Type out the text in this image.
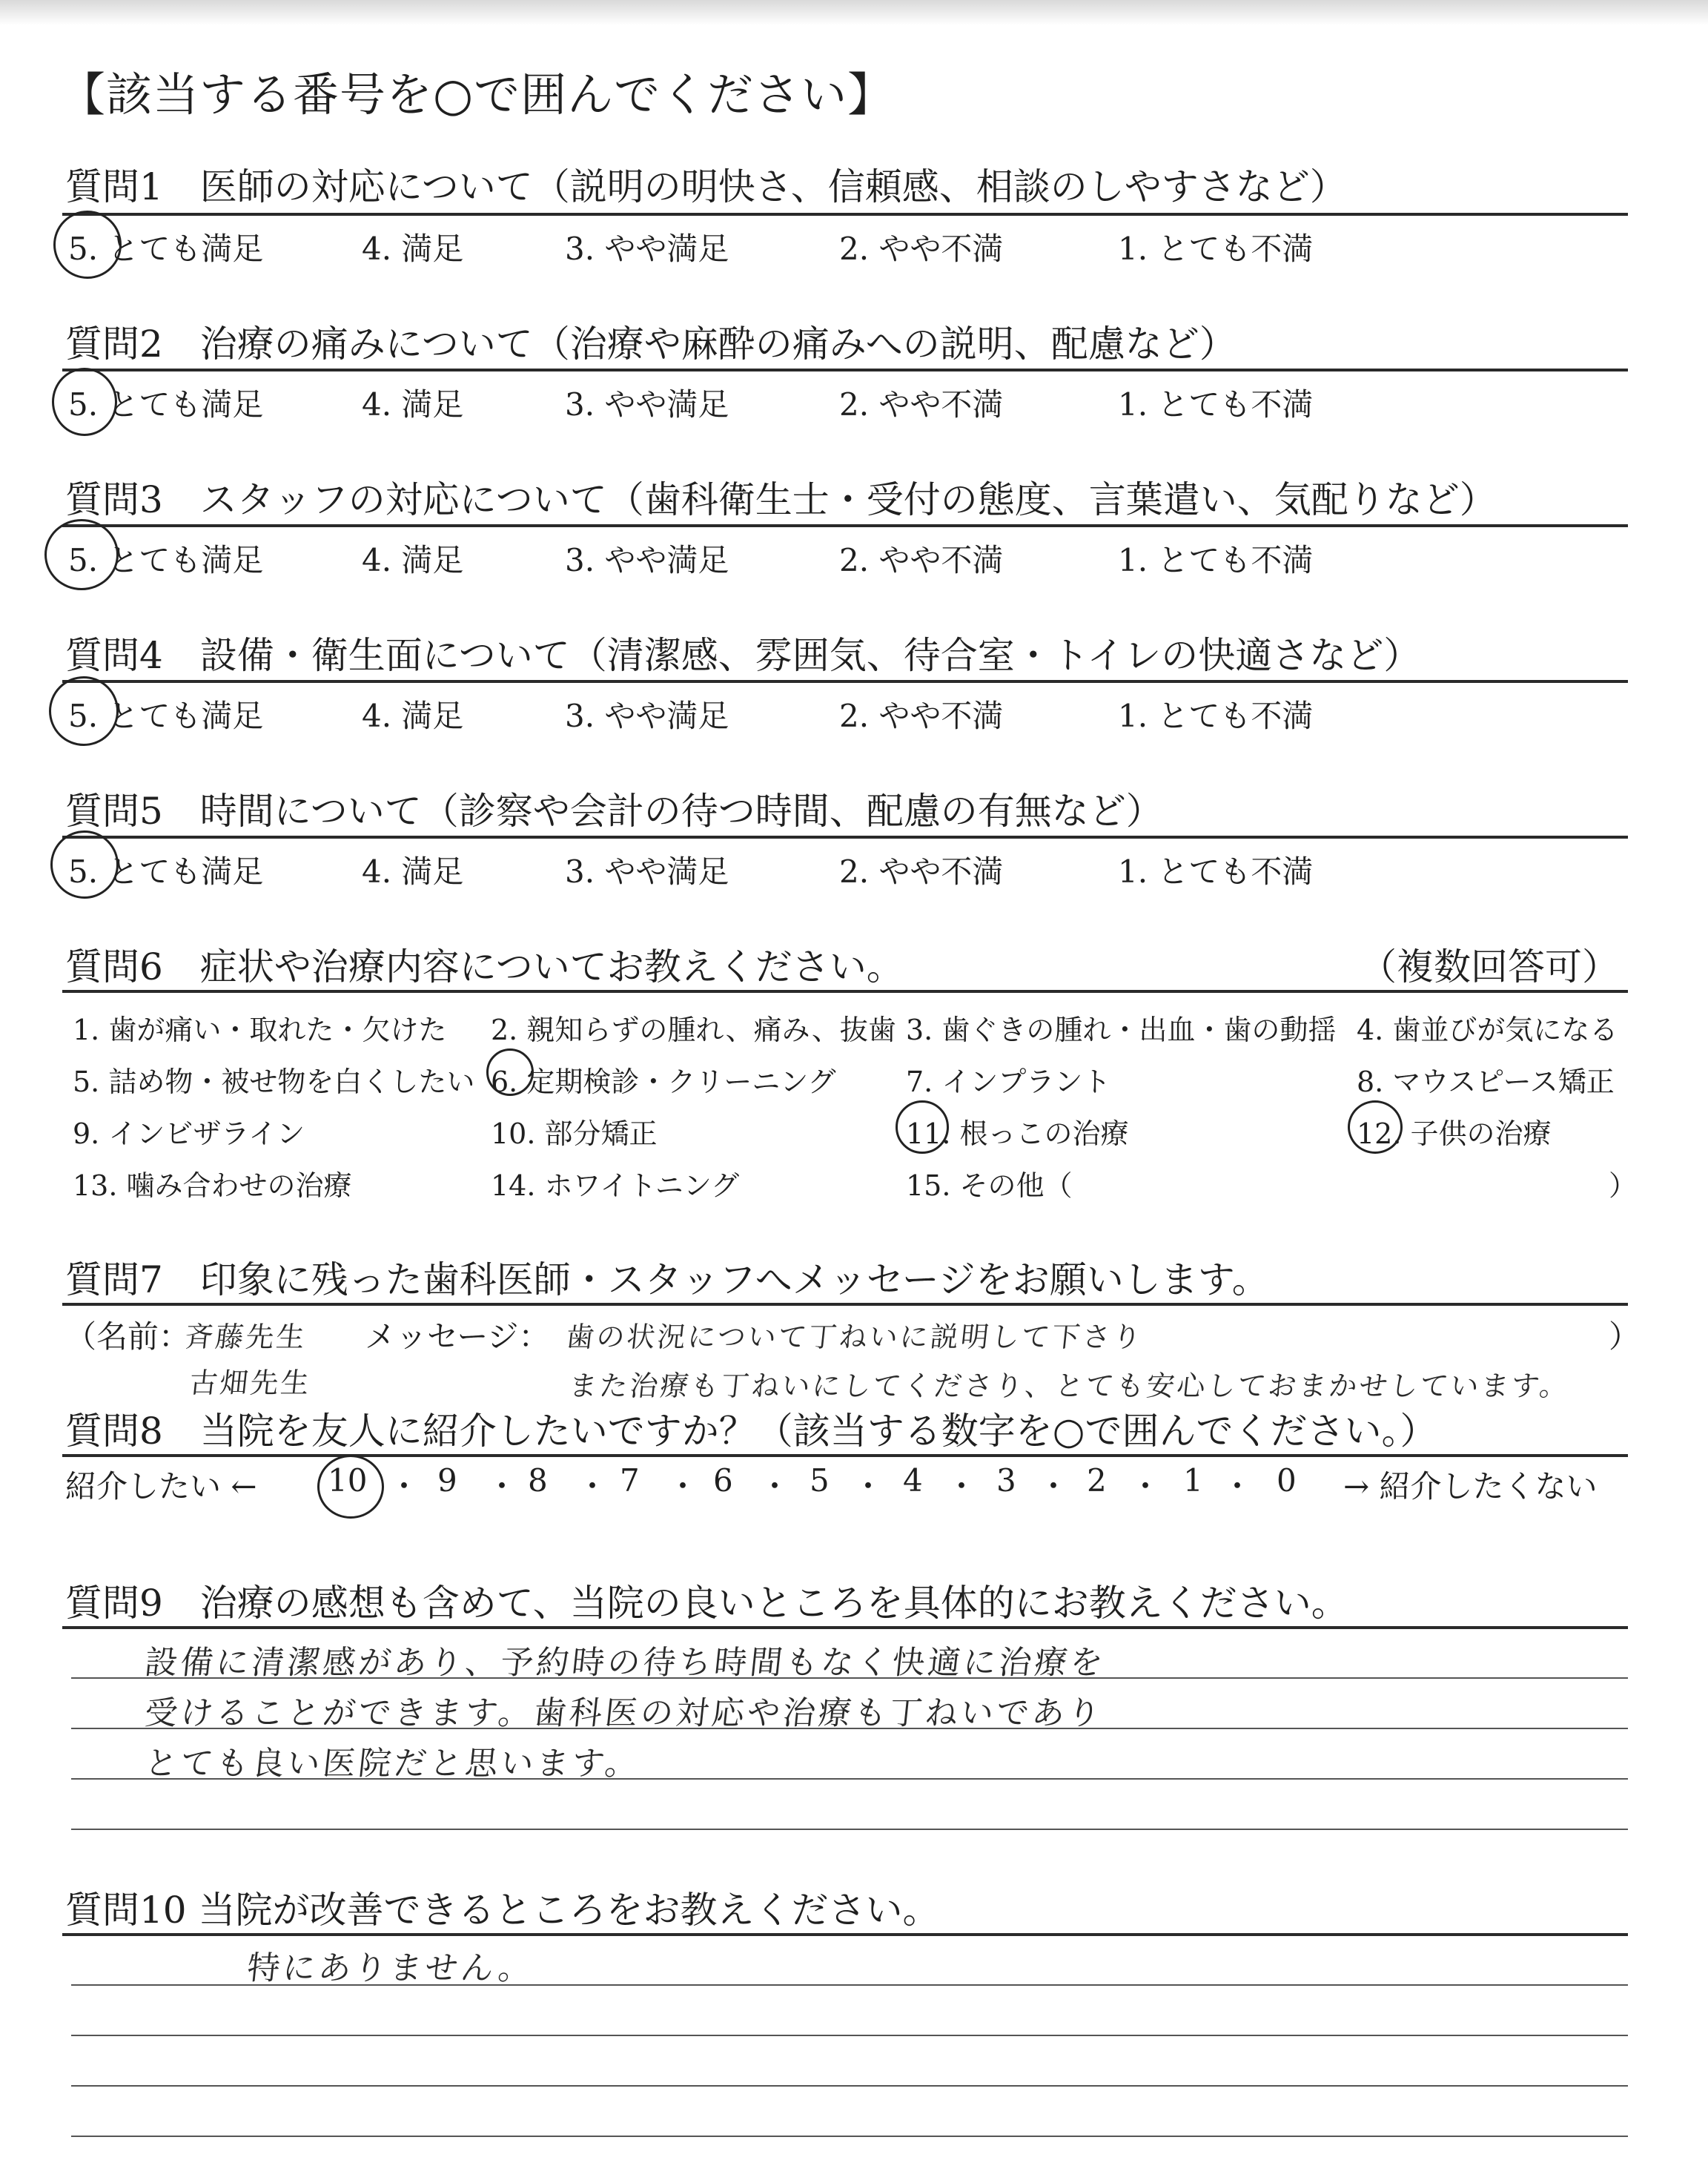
【該当する番号を○で囲んでください】
質問1　医師の対応について（説明の明快さ、信頼感、相談のしやすさなど）
5. とても満足	4. 満足	3. やや満足	2. やや不満	1. とても不満
質問2　治療の痛みについて（治療や麻酔の痛みへの説明、配慮など）
5. とても満足	4. 満足	3. やや満足	2. やや不満	1. とても不満
質問3　スタッフの対応について（歯科衛生士・受付の態度、言葉遣い、気配りなど）
5. とても満足	4. 満足	3. やや満足	2. やや不満	1. とても不満
質問4　設備・衛生面について（清潔感、雰囲気、待合室・トイレの快適さなど）
5. とても満足	4. 満足	3. やや満足	2. やや不満	1. とても不満
質問5　時間について（診察や会計の待つ時間、配慮の有無など）
5. とても満足	4. 満足	3. やや満足	2. やや不満	1. とても不満
質問6　症状や治療内容についてお教えください。	（複数回答可）
1. 歯が痛い・取れた・欠けた 2. 親知らずの腫れ、痛み、抜歯 3. 歯ぐきの腫れ・出血・歯の動揺 4. 歯並びが気になる
5. 詰め物・被せ物を白くしたい 6. 定期検診・クリーニング 7. インプラント	8. マウスピース矯正
9. インビザライン	10. 部分矯正	11. 根っこの治療	12. 子供の治療
13. 噛み合わせの治療	14. ホワイトニング	15. その他（	）
質問7　印象に残った歯科医師・スタッフへメッセージをお願いします。
（名前：
斉藤先生
古畑先生
メッセージ： 歯の状況について丁ねいに説明して下さり
また治療も丁ねいにしてくださり、とても安心しておまかせしています。
）
質問8　当院を友人に紹介したいですか？（該当する数字を○で囲んでください。）
紹介したい ← 10 ・ 9 ・ 8 ・ 7 ・ 6 ・ 5 ・ 4 ・ 3 ・ 2 ・ 1 ・ 0 → 紹介したくない
質問9　治療の感想も含めて、当院の良いところを具体的にお教えください。
設備に清潔感があり、予約時の待ち時間もなく快適に治療を
受けることができます。歯科医の対応や治療も丁ねいであり
とても良い医院だと思います。
質問10 当院が改善できるところをお教えください。
特にありません。
